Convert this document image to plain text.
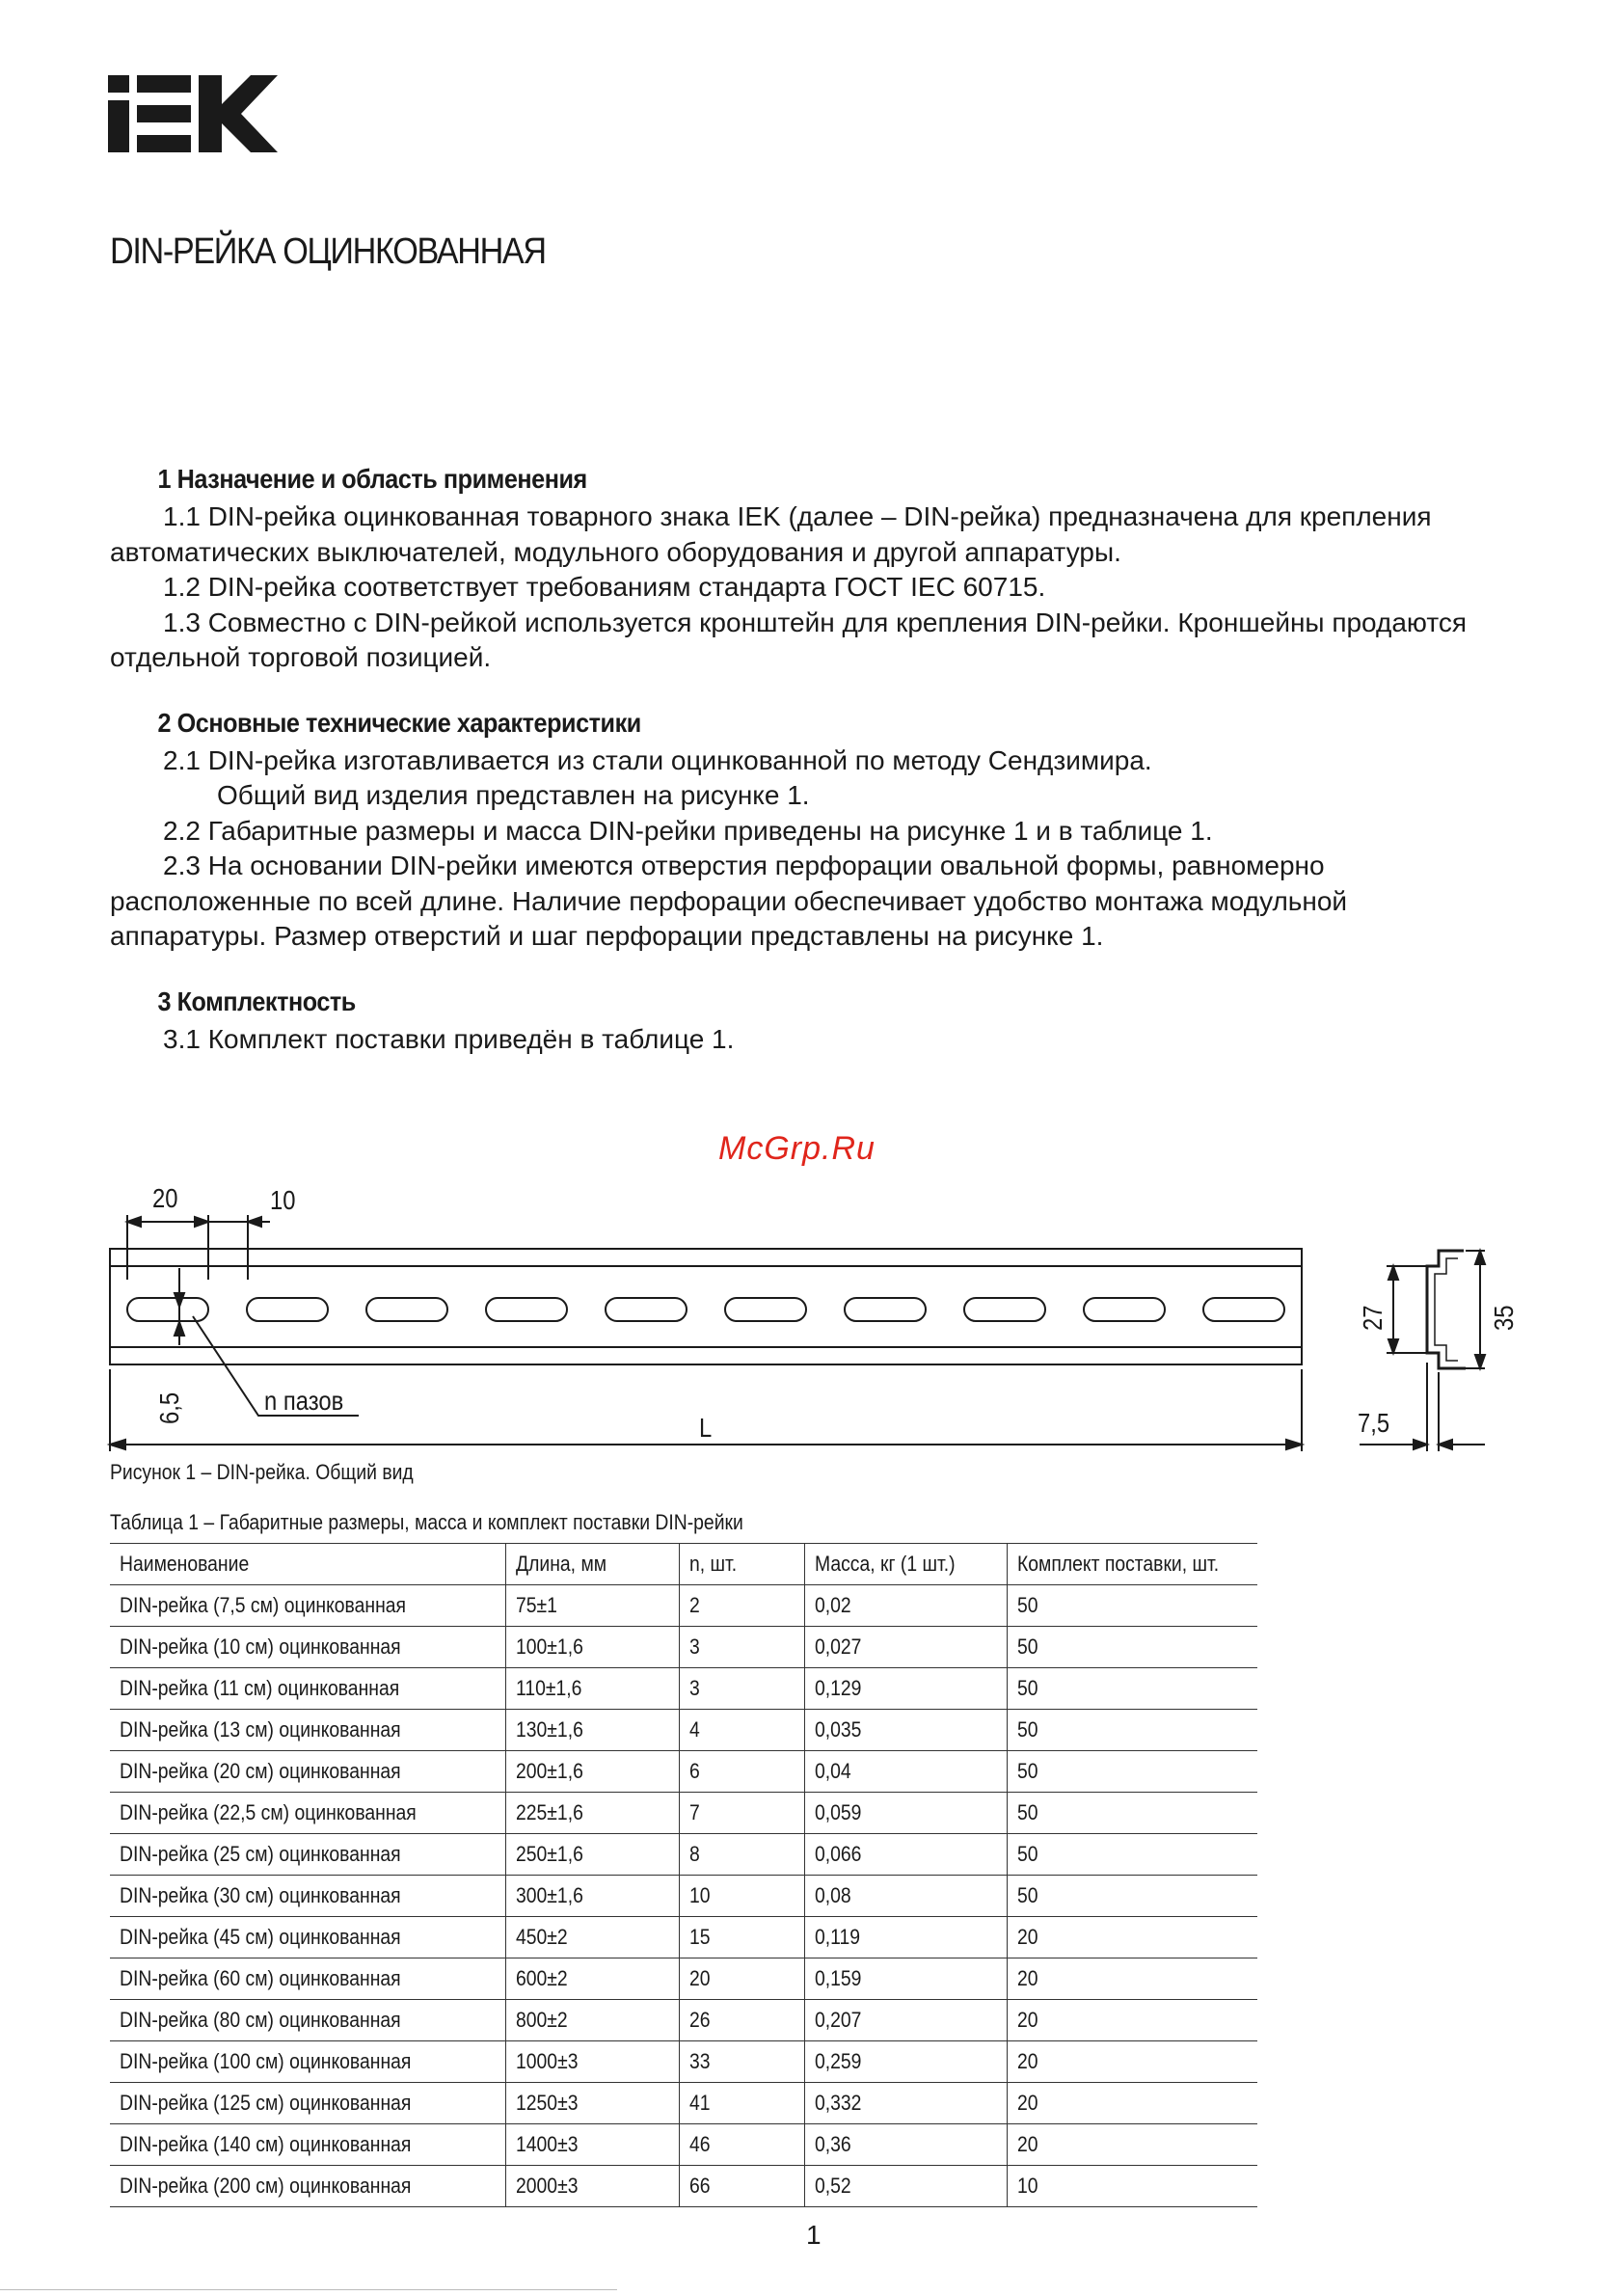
DIN-РЕЙКА ОЦИНКОВАННАЯ
1 Назначение и область применения

1.1 DIN-рейка оцинкованная товарного знака IEK (далее – DIN-рейка) предназначена для крепления автоматических выключателей, модульного оборудования и другой аппаратуры.

1.2 DIN-рейка соответствует требованиям стандарта ГОСТ IEC 60715.

1.3 Совместно с DIN-рейкой используется кронштейн для крепления DIN-рейки. Кроншейны продаются отдельной торговой позицией.

2 Основные технические характеристики

2.1 DIN-рейка изготавливается из стали оцинкованной по методу Сендзимира.

Общий вид изделия представлен на рисунке 1.

2.2 Габаритные размеры и масса DIN-рейки приведены на рисунке 1 и в таблице 1.

2.3 На основании DIN-рейки имеются отверстия перфорации овальной формы, равномерно расположенные по всей длине. Наличие перфорации обеспечивает удобство монтажа модульной аппаратуры. Размер отверстий и шаг перфорации представлены на рисунке 1.

3 Комплектность

3.1 Комплект поставки приведён в таблице 1.

McGrp.Ru
20	10
6,5	n пазов
L
27	35
7,5
Рисунок 1 – DIN-рейка. Общий вид
Таблица 1 – Габаритные размеры, масса и комплект поставки DIN-рейки
Наименование	Длина, мм	n, шт.	Масса, кг (1 шт.)	Комплект поставки, шт.
DIN-рейка (7,5 см) оцинкованная	75±1	2	0,02	50
DIN-рейка (10 см) оцинкованная	100±1,6	3	0,027	50
DIN-рейка (11 см) оцинкованная	110±1,6	3	0,129	50
DIN-рейка (13 см) оцинкованная	130±1,6	4	0,035	50
DIN-рейка (20 см) оцинкованная	200±1,6	6	0,04	50
DIN-рейка (22,5 см) оцинкованная	225±1,6	7	0,059	50
DIN-рейка (25 см) оцинкованная	250±1,6	8	0,066	50
DIN-рейка (30 см) оцинкованная	300±1,6	10	0,08	50
DIN-рейка (45 см) оцинкованная	450±2	15	0,119	20
DIN-рейка (60 см) оцинкованная	600±2	20	0,159	20
DIN-рейка (80 см) оцинкованная	800±2	26	0,207	20
DIN-рейка (100 см) оцинкованная	1000±3	33	0,259	20
DIN-рейка (125 см) оцинкованная	1250±3	41	0,332	20
DIN-рейка (140 см) оцинкованная	1400±3	46	0,36	20
DIN-рейка (200 см) оцинкованная	2000±3	66	0,52	10
1
